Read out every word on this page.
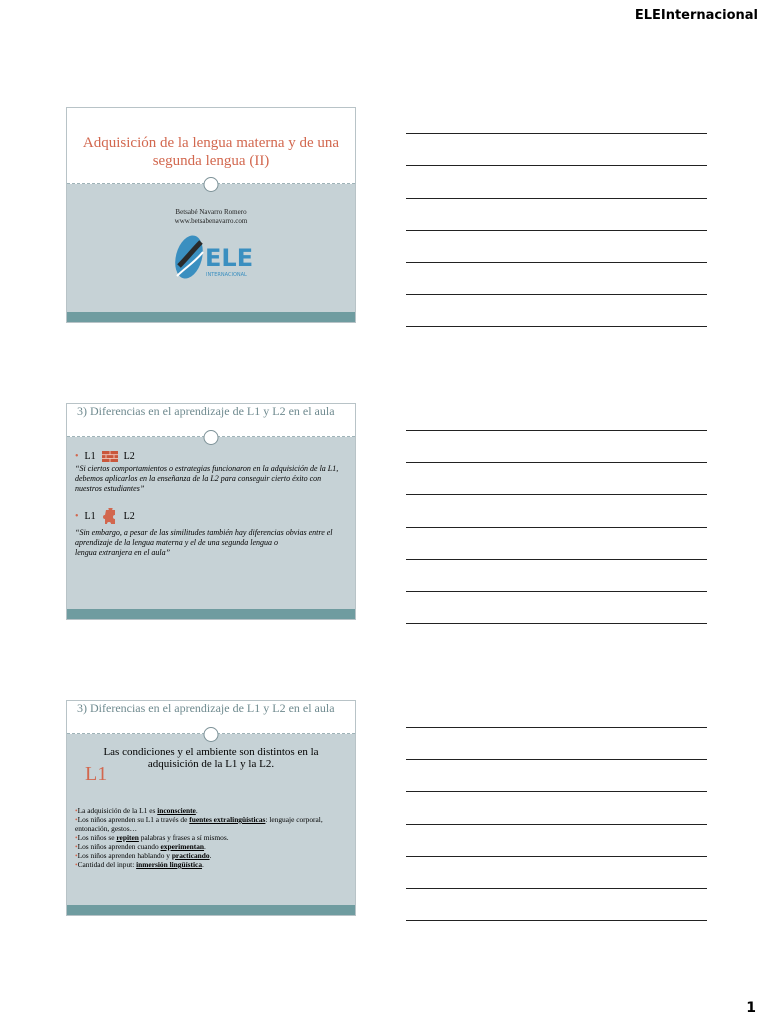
ELEInternacional
Adquisición de la lengua materna y de una segunda lengua (II)
Betsabé Navarro Romero
www.betsabenavarro.com
ELE
INTERNACIONAL
3) Diferencias en el aprendizaje de L1 y L2 en el aula
• L1	L2
“Si ciertos comportamientos o estrategias funcionaron en la adquisición de la L1, debemos aplicarlos en la enseñanza de la L2 para conseguir cierto éxito con nuestros estudiantes”
• L1	L2
“Sin embargo, a pesar de las similitudes también hay diferencias obvias entre el aprendizaje de la lengua materna y el de una segunda lengua o
lengua extranjera en el aula”
3) Diferencias en el aprendizaje de L1 y L2 en el aula
Las condiciones y el ambiente son distintos en la adquisición de la L1 y la L2.
L1
• La adquisición de la L1 es inconsciente.
• Los niños aprenden su L1 a través de fuentes extralingüísticas: lenguaje corporal, entonación, gestos…
• Los niños se repiten palabras y frases a sí mismos.
• Los niños aprenden cuando experimentan.
• Los niños aprenden hablando y practicando.
• Cantidad del input: inmersión lingüística.
1
